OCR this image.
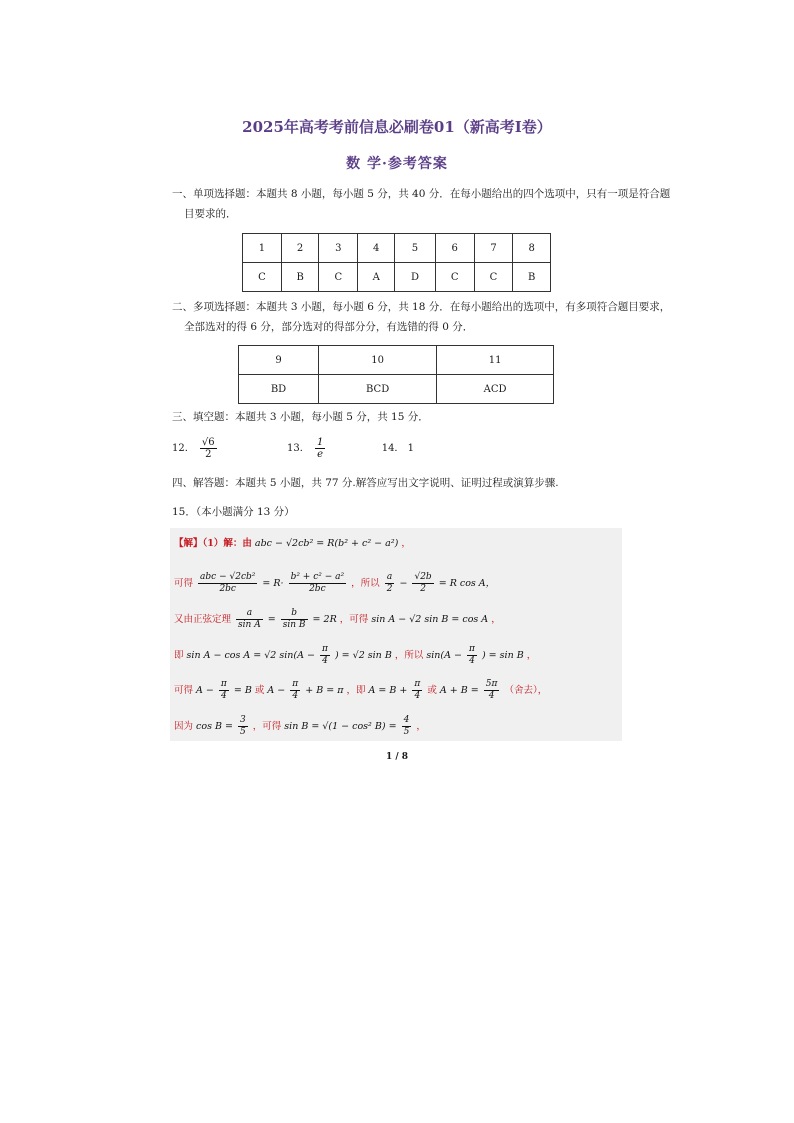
2025年高考考前信息必刷卷01（新高考Ⅰ卷）
数 学·参考答案
一、单项选择题：本题共 8 小题，每小题 5 分，共 40 分．在每小题给出的四个选项中，只有一项是符合题
目要求的．
1	2	3	4	5	6	7	8
C	B	C	A	D	C	C	B
二、多项选择题：本题共 3 小题，每小题 6 分，共 18 分．在每小题给出的选项中，有多项符合题目要求，
全部选对的得 6 分，部分选对的得部分分，有选错的得 0 分．
9	10	11
BD	BCD	ACD
三、填空题：本题共 3 小题，每小题 5 分，共 15 分．
12． $\frac{√6}{2}$	13． $\frac{1}{e}$	14． 1
四、解答题：本题共 5 小题，共 77 分.解答应写出文字说明、证明过程或演算步骤.
15．（本小题满分 13 分）
【解】（1）解：由 abc − √2cb² = R(b² + c² − a²) ，
可得 $\frac{\text{abc − √2cb²}}{2bc} = R\cdot \frac{\text{b² + c² − a²}}{2bc}$ ，所以 $\frac{a}{2} - \frac{√2b}{2} = R$ cos A，
又由正弦定理 $\frac{a}{\text{sin A}} = \frac{b}{\text{sin B}} = 2R$ ，可得 sin A − √2 sin B = cos A ，
即 sin A − cos A = √2 $\sin(A - \frac{\pi}{4}$ ) = √2 sin B ，所以 $\sin(A - \frac{\pi}{4}$ ) = sin B ，
可得 $A - \frac{\pi}{4} = B$ 或 $A - \frac{\pi}{4} + B = \pi$ ，即 $A = B + \frac{\pi}{4}$ 或 $A + B = \frac{5\pi}{4}$ （舍去），
因为 $\cos B = \frac{3}{5}$ ，可得 sin B = √(1 − cos² $B) = \frac{4}{5}$ ，
1 / 8
